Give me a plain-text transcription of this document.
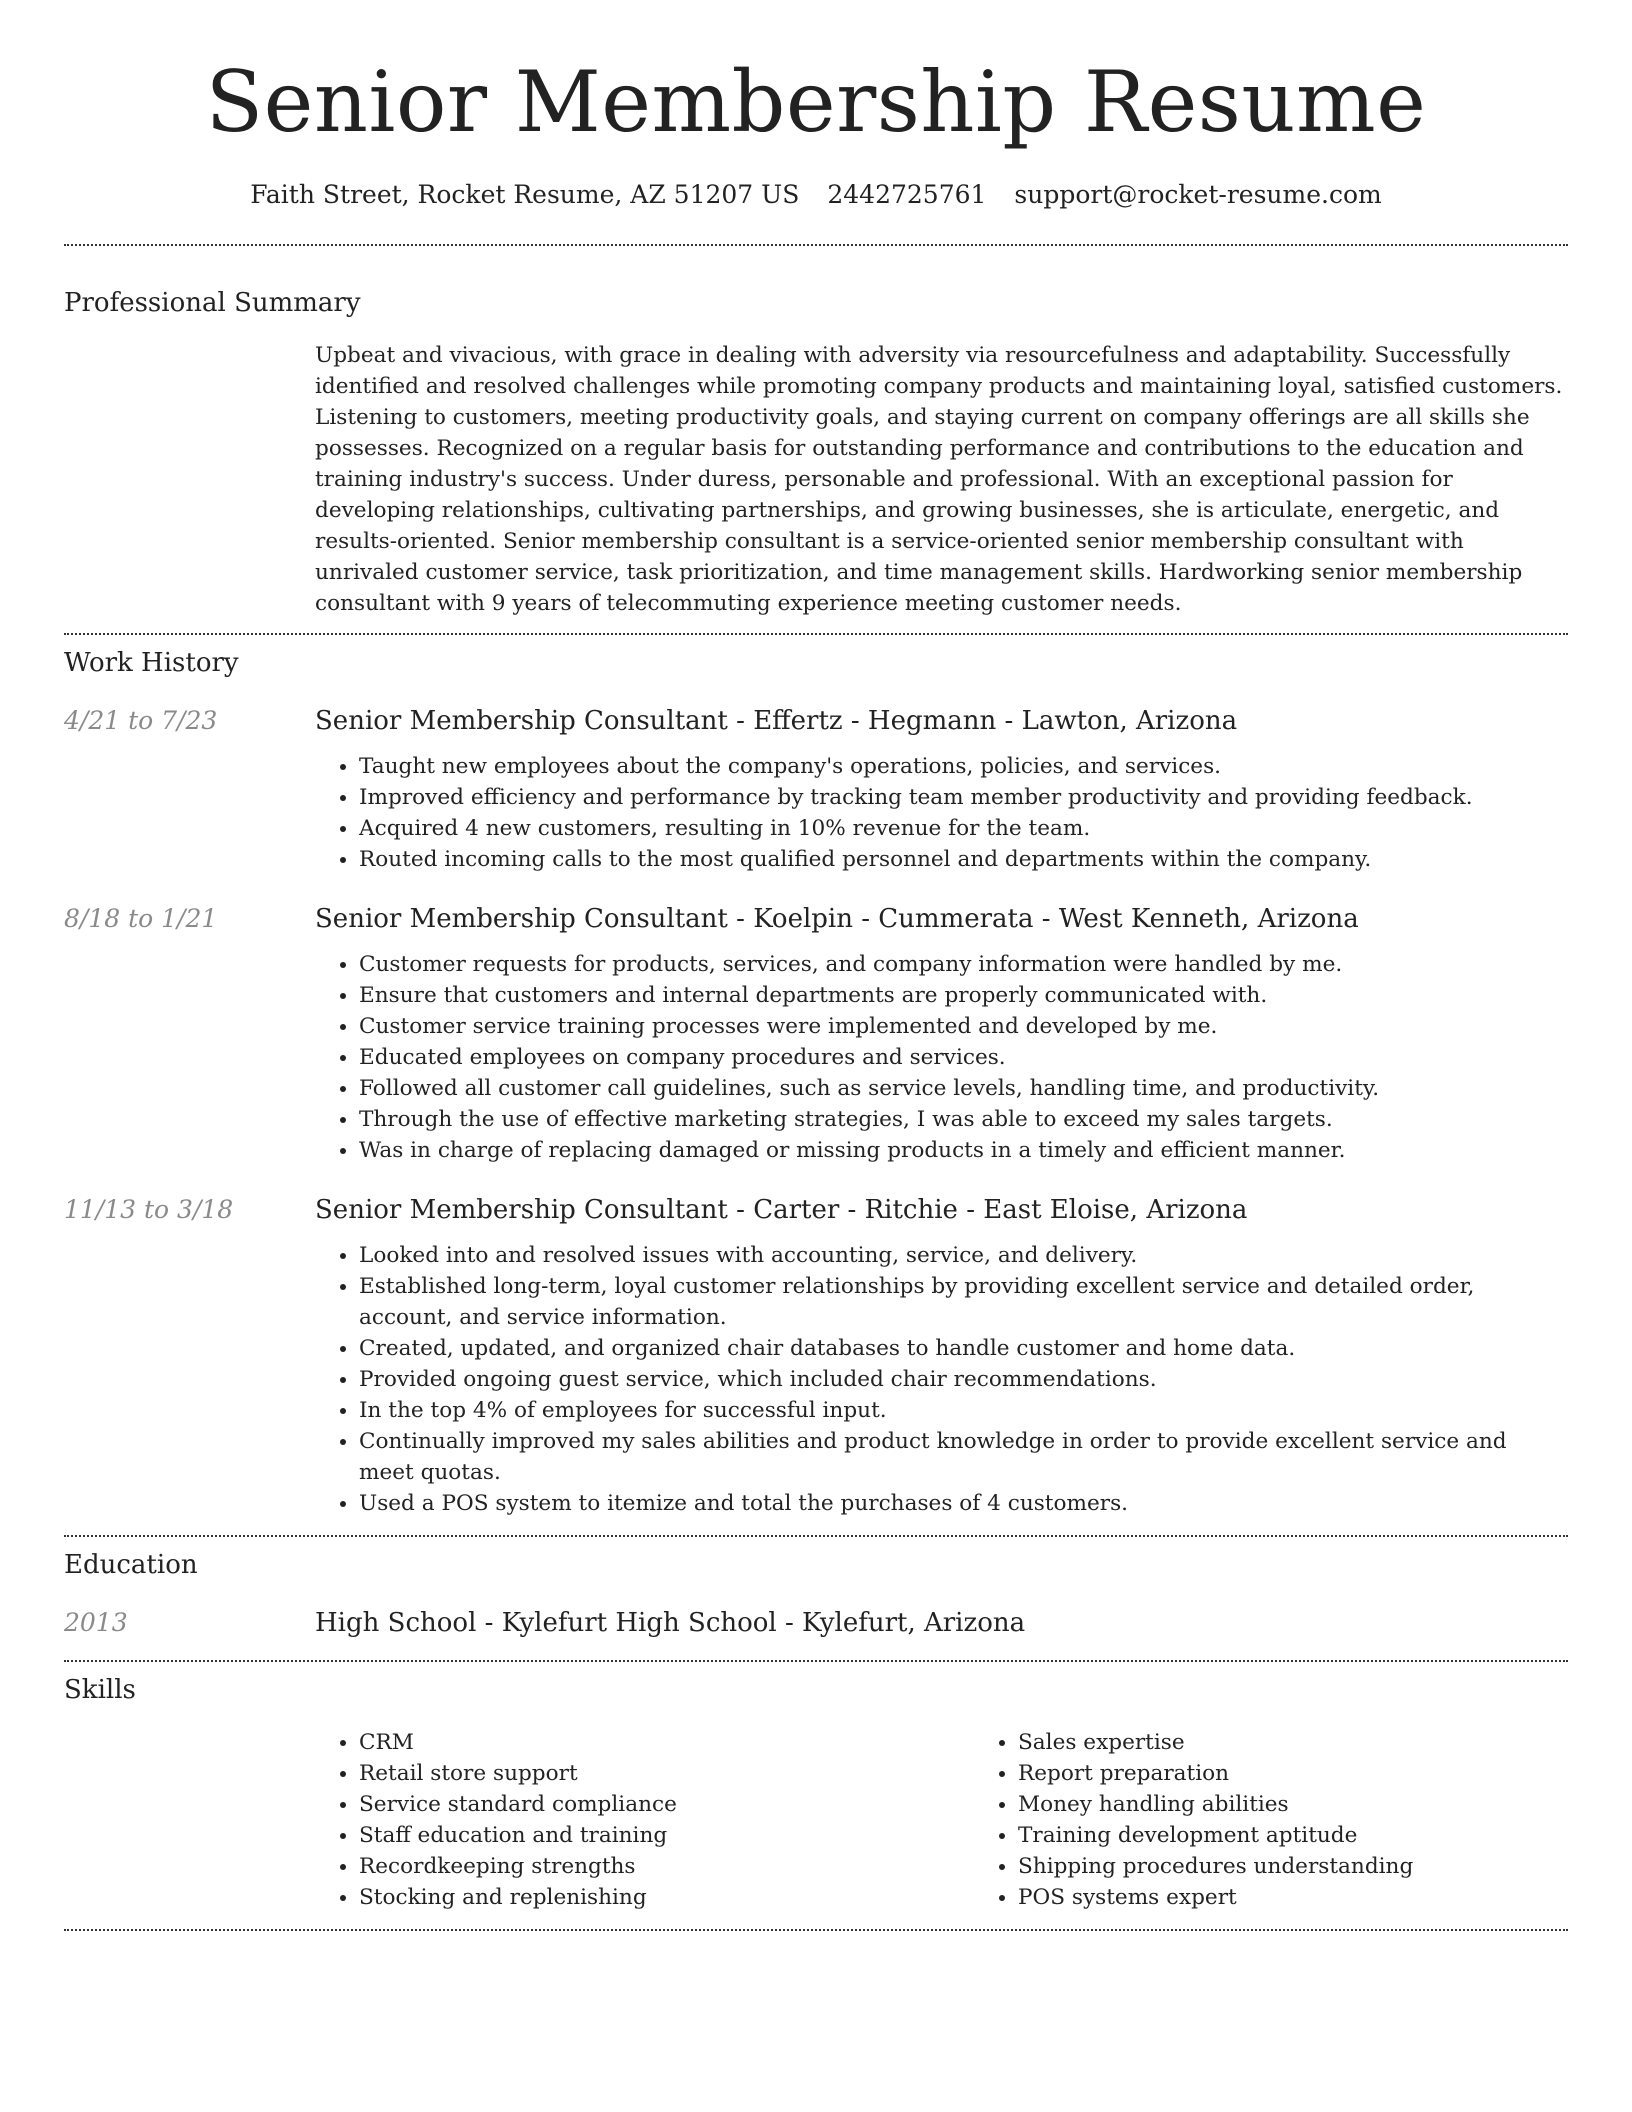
Senior Membership Resume
Faith Street, Rocket Resume, AZ 51207 US 2442725761 support@rocket-resume.com
Professional Summary

Upbeat and vivacious, with grace in dealing with adversity via resourcefulness and adaptability. Successfully identified and resolved challenges while promoting company products and maintaining loyal, satisfied customers. Listening to customers, meeting productivity goals, and staying current on company offerings are all skills she possesses. Recognized on a regular basis for outstanding performance and contributions to the education and training industry's success. Under duress, personable and professional. With an exceptional passion for developing relationships, cultivating partnerships, and growing businesses, she is articulate, energetic, and results-oriented. Senior membership consultant is a service-oriented senior membership consultant with unrivaled customer service, task prioritization, and time management skills. Hardworking senior membership consultant with 9 years of telecommuting experience meeting customer needs.

Work History
4/21 to 7/23	Senior Membership Consultant - Effertz - Hegmann - Lawton, Arizona
• Taught new employees about the company's operations, policies, and services.
• Improved efficiency and performance by tracking team member productivity and providing feedback.
• Acquired 4 new customers, resulting in 10% revenue for the team.
• Routed incoming calls to the most qualified personnel and departments within the company.
8/18 to 1/21	Senior Membership Consultant - Koelpin - Cummerata - West Kenneth, Arizona
• Customer requests for products, services, and company information were handled by me.
• Ensure that customers and internal departments are properly communicated with.
• Customer service training processes were implemented and developed by me.
• Educated employees on company procedures and services.
• Followed all customer call guidelines, such as service levels, handling time, and productivity.
• Through the use of effective marketing strategies, I was able to exceed my sales targets.
• Was in charge of replacing damaged or missing products in a timely and efficient manner.
11/13 to 3/18	Senior Membership Consultant - Carter - Ritchie - East Eloise, Arizona
• Looked into and resolved issues with accounting, service, and delivery.
• Established long-term, loyal customer relationships by providing excellent service and detailed order, account, and service information.
• Created, updated, and organized chair databases to handle customer and home data.
• Provided ongoing guest service, which included chair recommendations.
• In the top 4% of employees for successful input.
• Continually improved my sales abilities and product knowledge in order to provide excellent service and meet quotas.
• Used a POS system to itemize and total the purchases of 4 customers.
Education
2013	High School - Kylefurt High School - Kylefurt, Arizona
Skills
• CRM
• Retail store support
• Service standard compliance
• Staff education and training
• Recordkeeping strengths
• Stocking and replenishing
• Sales expertise
• Report preparation
• Money handling abilities
• Training development aptitude
• Shipping procedures understanding
• POS systems expert
